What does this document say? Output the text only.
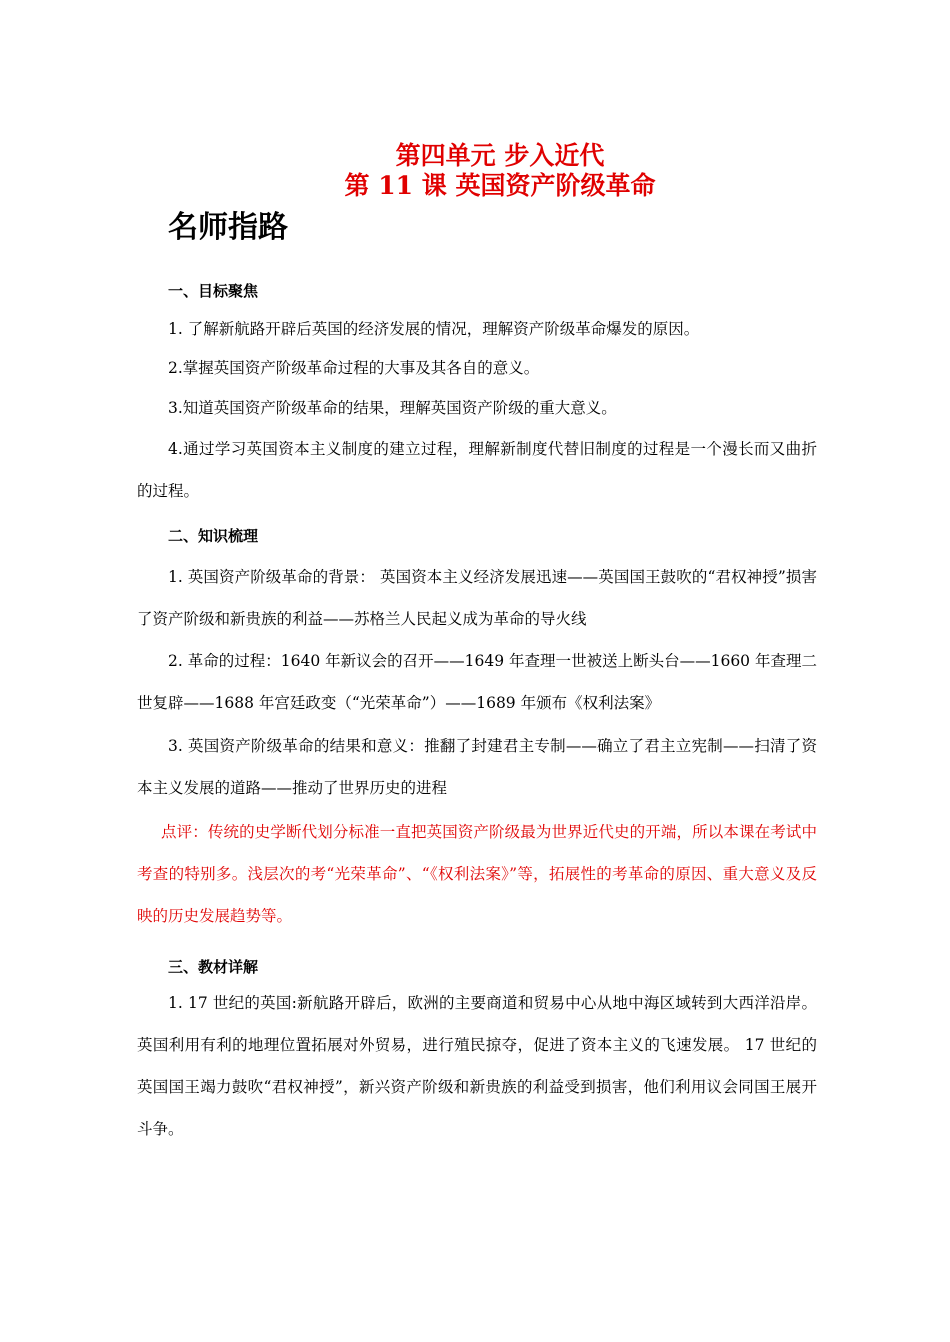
第四单元 步入近代
第 11 课 英国资产阶级革命
名师指路
一、目标聚焦
1. 了解新航路开辟后英国的经济发展的情况，理解资产阶级革命爆发的原因。
2.掌握英国资产阶级革命过程的大事及其各自的意义。
3.知道英国资产阶级革命的结果，理解英国资产阶级的重大意义。
4.通过学习英国资本主义制度的建立过程，理解新制度代替旧制度的过程是一个漫长而又曲折的过程。
二、知识梳理
1. 英国资产阶级革命的背景： 英国资本主义经济发展迅速——英国国王鼓吹的“君权神授”损害了资产阶级和新贵族的利益——苏格兰人民起义成为革命的导火线
2. 革命的过程：1640 年新议会的召开——1649 年查理一世被送上断头台——1660 年查理二世复辟——1688 年宫廷政变（“光荣革命”）——1689 年颁布《权利法案》
3. 英国资产阶级革命的结果和意义：推翻了封建君主专制——确立了君主立宪制——扫清了资本主义发展的道路——推动了世界历史的进程
点评：传统的史学断代划分标准一直把英国资产阶级最为世界近代史的开端，所以本课在考试中考查的特别多。浅层次的考“光荣革命”、“《权利法案》”等，拓展性的考革命的原因、重大意义及反映的历史发展趋势等。
三、教材详解
1. 17 世纪的英国:新航路开辟后，欧洲的主要商道和贸易中心从地中海区域转到大西洋沿岸。英国利用有利的地理位置拓展对外贸易，进行殖民掠夺，促进了资本主义的飞速发展。 17 世纪的英国国王竭力鼓吹“君权神授”，新兴资产阶级和新贵族的利益受到损害，他们利用议会同国王展开斗争。
